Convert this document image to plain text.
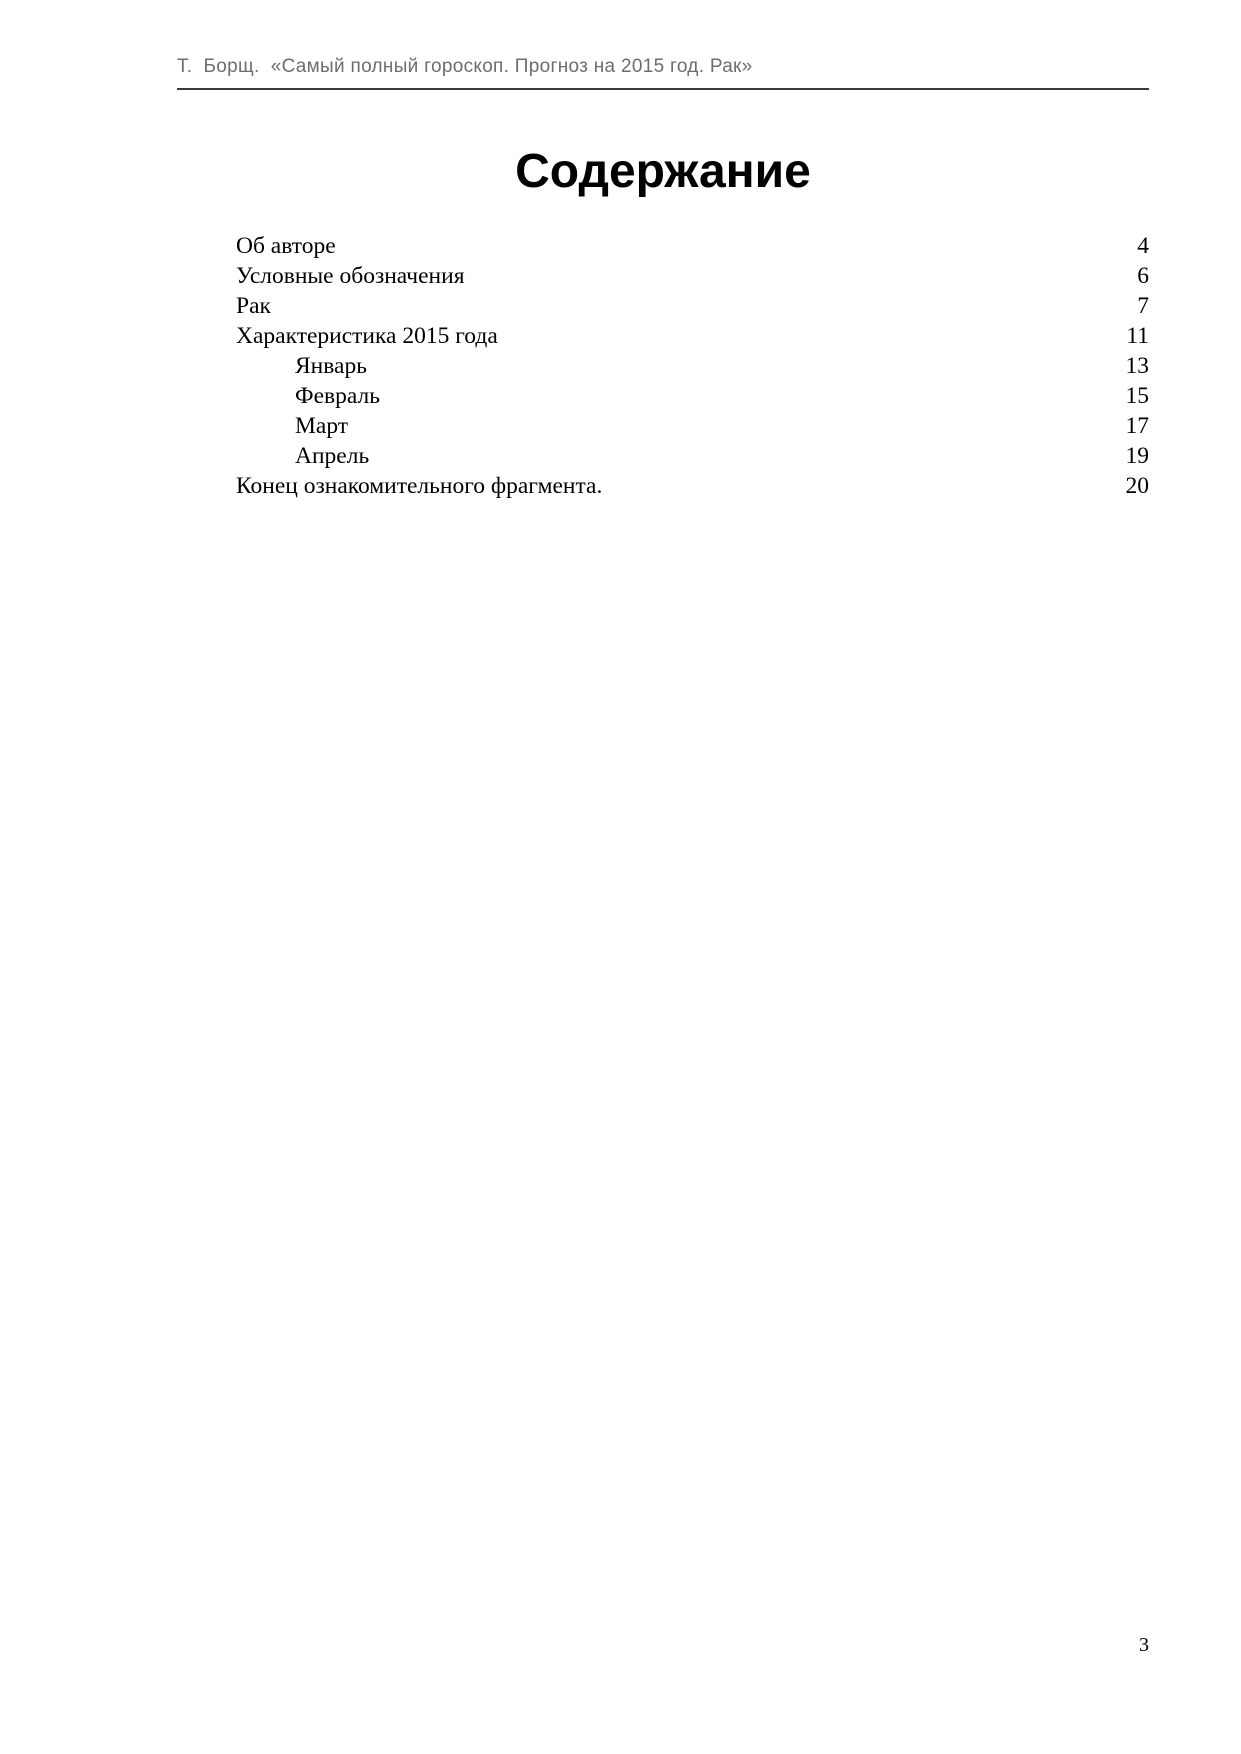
Т.  Борщ.  «Самый полный гороскоп. Прогноз на 2015 год. Рак»
Содержание
Об авторе	4
Условные обозначения	6
Рак	7
Характеристика 2015 года	11
Январь	13
Февраль	15
Март	17
Апрель	19
Конец ознакомительного фрагмента.	20
3
